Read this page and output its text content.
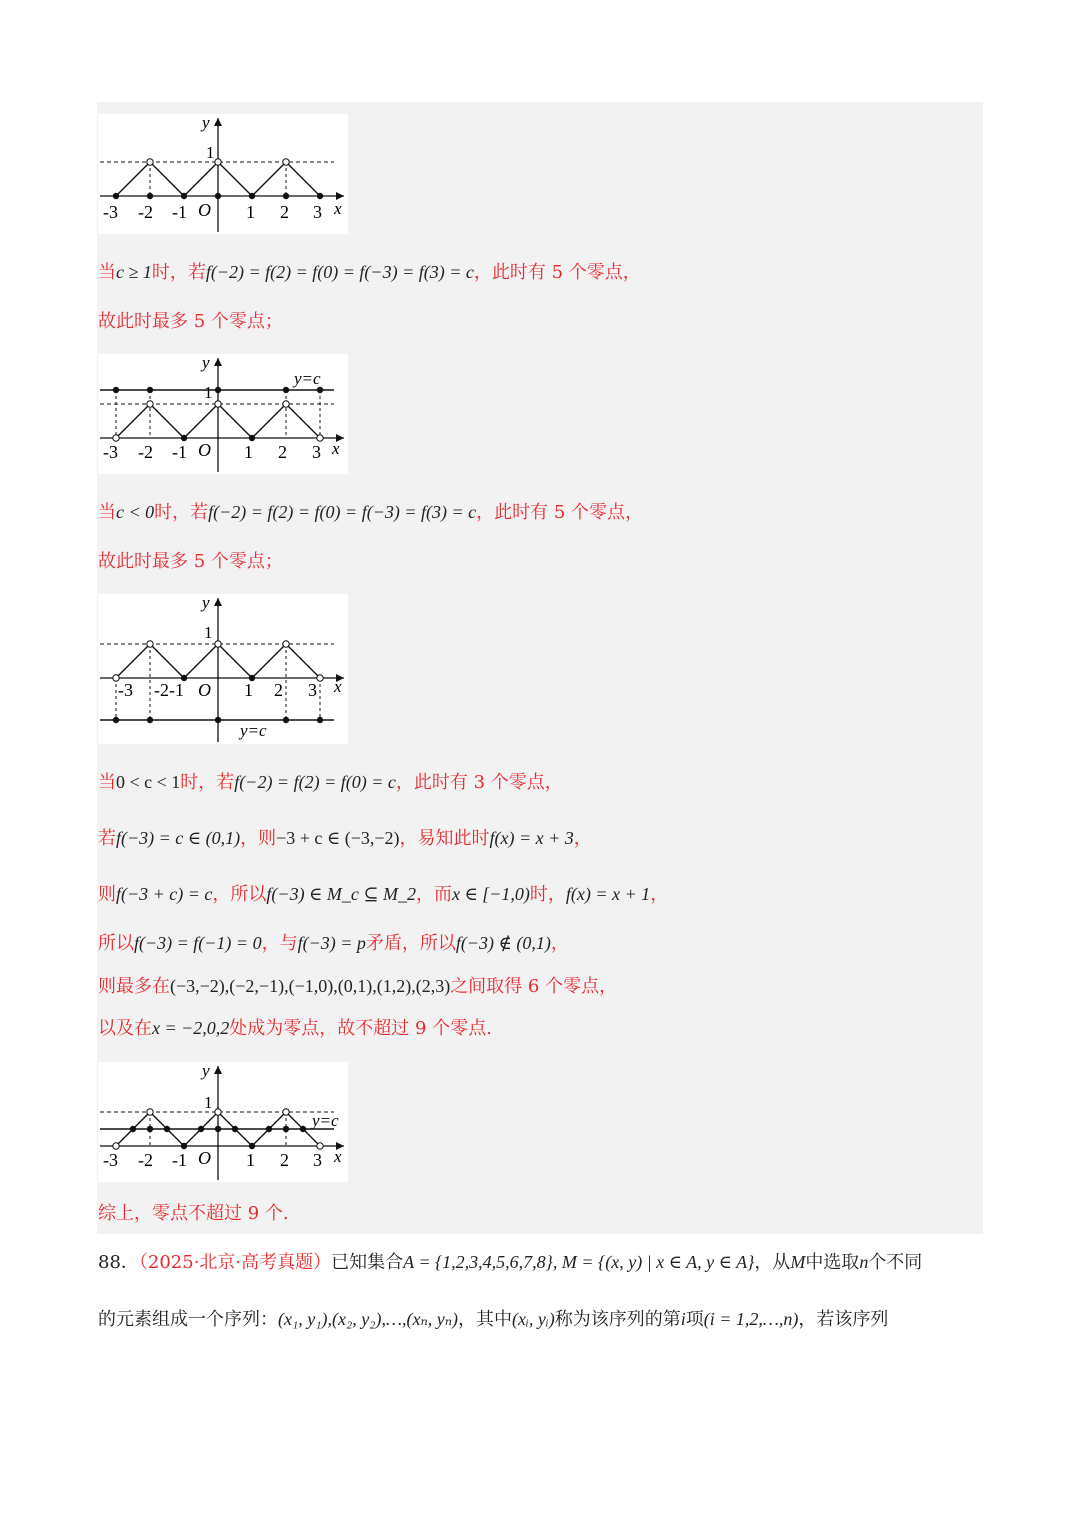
-3 -2 -1	1 2 3
O	x
y
1
当c ≥ 1时，若f(−2) = f(2) = f(0) = f(−3) = f(3) = c，此时有 5 个零点，
故此时最多 5 个零点；
-3 -2 -1	1 2 3
O	x
y
1
y=c
当c < 0时，若f(−2) = f(2) = f(0) = f(−3) = f(3) = c，此时有 5 个零点，
故此时最多 5 个零点；
-3 -2-1	1 2 3
O	x
y
1
y=c
当0 < c < 1时，若f(−2) = f(2) = f(0) = c，此时有 3 个零点，
若f(−3) = c ∈ (0,1)，则−3 + c ∈ (−3,−2)，易知此时f(x) = x + 3，
则f(−3 + c) = c，所以f(−3) ∈ M_c ⊆ M_2，而x ∈ [−1,0)时，f(x) = x + 1，
所以f(−3) = f(−1) = 0，与f(−3) = p矛盾，所以f(−3) ∉ (0,1)，
则最多在(−3,−2),(−2,−1),(−1,0),(0,1),(1,2),(2,3)之间取得 6 个零点，
以及在x = −2,0,2处成为零点，故不超过 9 个零点.
-3 -2 -1	1 2 3
O	x
y
1
y=c
综上，零点不超过 9 个.
88．（2025·北京·高考真题）已知集合A = {1,2,3,4,5,6,7,8}, M = {(x, y) | x ∈ A, y ∈ A}，从M中选取n个不同
的元素组成一个序列：(x₁, y₁),(x₂, y₂),…,(xₙ, yₙ)，其中(xᵢ, yᵢ)称为该序列的第i项(i = 1,2,…,n)，若该序列
